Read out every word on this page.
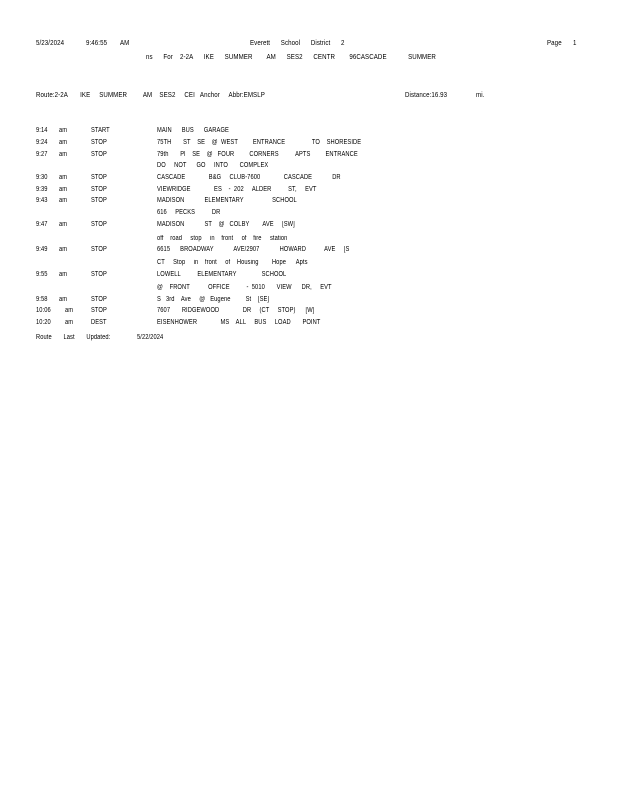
5/23/2024	9:46:55 AM	Everett      School      District      2	Page 1
ns      For    2-2A      IKE      SUMMER        AM      SES2      CENTR        96CASCADE            SUMMER
Route:2-2A       IKE     SUMMER         AM    SES2     CEI   Anchor     Abbr:EMSLP	Distance:16.93	mi.
9:14 am	START	MAIN      BUS      GARAGE
9:24 am	STOP	75TH       ST    SE    @  WEST         ENTRANCE                TO    SHORESIDE
9:27 am	STOP	79th       Pl    SE    @   FOUR         CORNERS          APTS         ENTRANCE
DO     NOT      GO     INTO       COMPLEX
9:30 am	STOP	CASCADE              B&G     CLUB-7600              CASCADE            DR
9:39 am	STOP	VIEWRIDGE              ES    -  202     ALDER          ST,     EVT
9:43 am	STOP	MADISON            ELEMENTARY                 SCHOOL
616     PECKS          DR
9:47 am	STOP	MADISON            ST    @   COLBY        AVE     [SW]
off    road     stop     in    front     of    fire     station
9:49 am	STOP	6615      BROADWAY            AVE/2907            HOWARD           AVE     [S
CT     Stop     in    front     of    Housing        Hope      Apts
9:55 am	STOP	LOWELL          ELEMENTARY               SCHOOL
@    FRONT           OFFICE          -  5010       VIEW      DR,     EVT
9:58 am	STOP	S   3rd    Ave     @   Eugene         St    [SE]
10:06 am	STOP	7607       RIDGEWOOD              DR     (CT     STOP)      [W]
10:20 am	DEST	EISENHOWER              MS    ALL     BUS     LOAD       POINT
Route       Last       Updated:	5/22/2024
